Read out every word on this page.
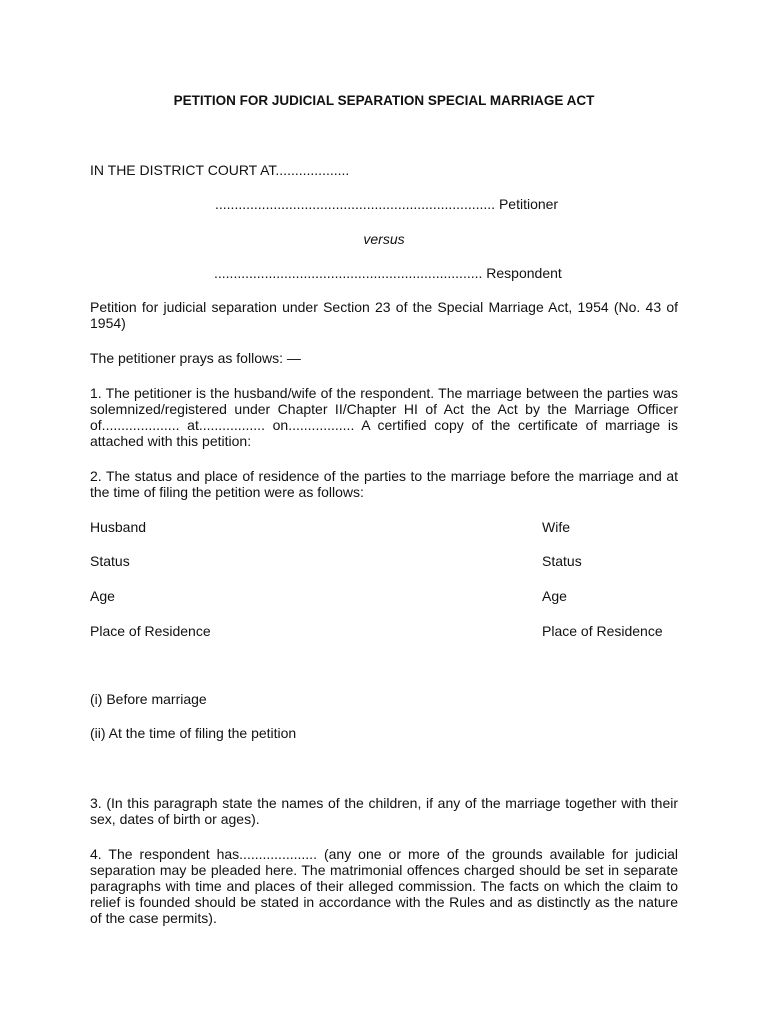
PETITION FOR JUDICIAL SEPARATION SPECIAL MARRIAGE ACT

IN THE DISTRICT COURT AT...................

........................................................................ Petitioner

versus

..................................................................... Respondent

Petition for judicial separation under Section 23 of the Special Marriage Act, 1954 (No. 43 of 1954)

The petitioner prays as follows: —

1. The petitioner is the husband/wife of the respondent. The marriage between the parties was solemnized/registered under Chapter II/Chapter HI of Act the Act by the Marriage Officer of.................... at................. on................. A certified copy of the certificate of marriage is attached with this petition:

2. The status and place of residence of the parties to the marriage before the marriage and at the time of filing the petition were as follows:

Husband	Wife

Status	Status

Age	Age

Place of Residence	Place of Residence

(i) Before marriage

(ii) At the time of filing the petition

3. (In this paragraph state the names of the children, if any of the marriage together with their sex, dates of birth or ages).

4. The respondent has.................... (any one or more of the grounds available for judicial separation may be pleaded here. The matrimonial offences charged should be set in separate paragraphs with time and places of their alleged commission. The facts on which the claim to relief is founded should be stated in accordance with the Rules and as distinctly as the nature of the case permits).
